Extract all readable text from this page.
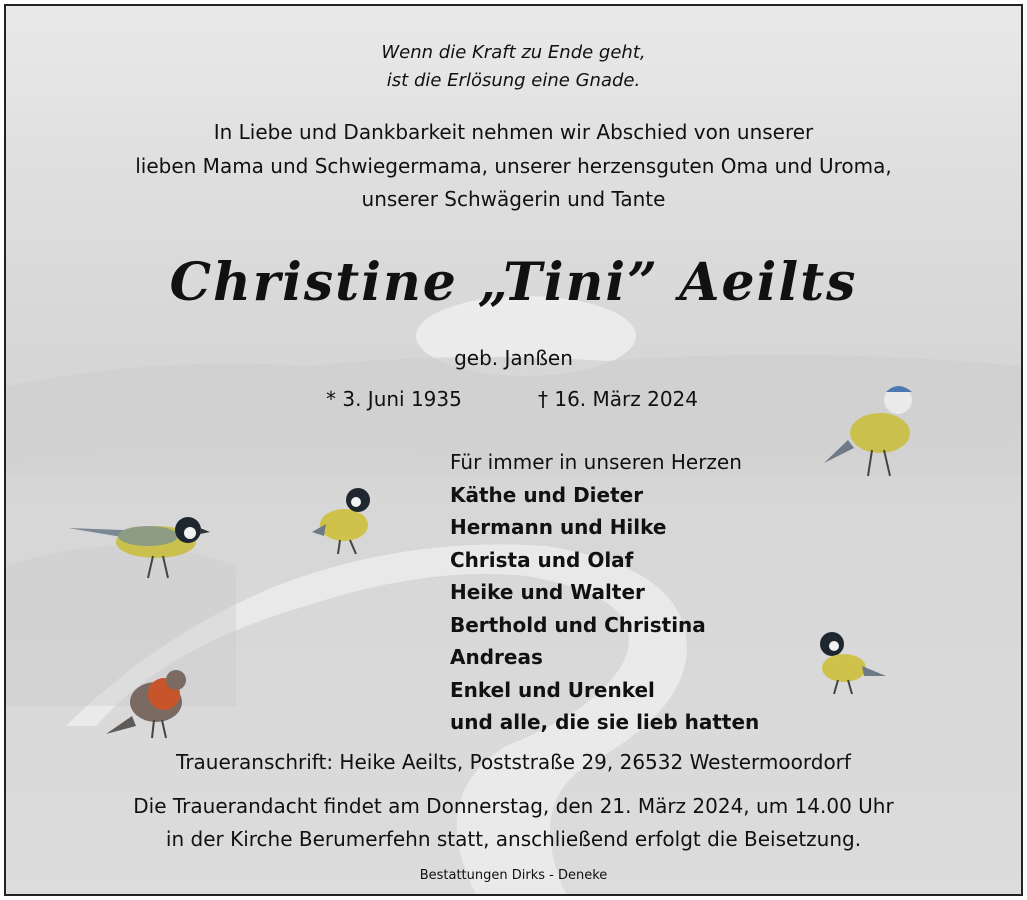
Wenn die Kraft zu Ende geht,
ist die Erlösung eine Gnade.
In Liebe und Dankbarkeit nehmen wir Abschied von unserer
lieben Mama und Schwiegermama, unserer herzensguten Oma und Uroma,
unserer Schwägerin und Tante
Christine „Tini” Aeilts
geb. Janßen
* 3. Juni 1935	† 16. März 2024
Für immer in unseren Herzen
Käthe und Dieter
Hermann und Hilke
Christa und Olaf
Heike und Walter
Berthold und Christina
Andreas
Enkel und Urenkel
und alle, die sie lieb hatten
Traueranschrift: Heike Aeilts, Poststraße 29, 26532 Westermoordorf
Die Trauerandacht findet am Donnerstag, den 21. März 2024, um 14.00 Uhr
in der Kirche Berumerfehn statt, anschließend erfolgt die Beisetzung.
Bestattungen Dirks - Deneke
